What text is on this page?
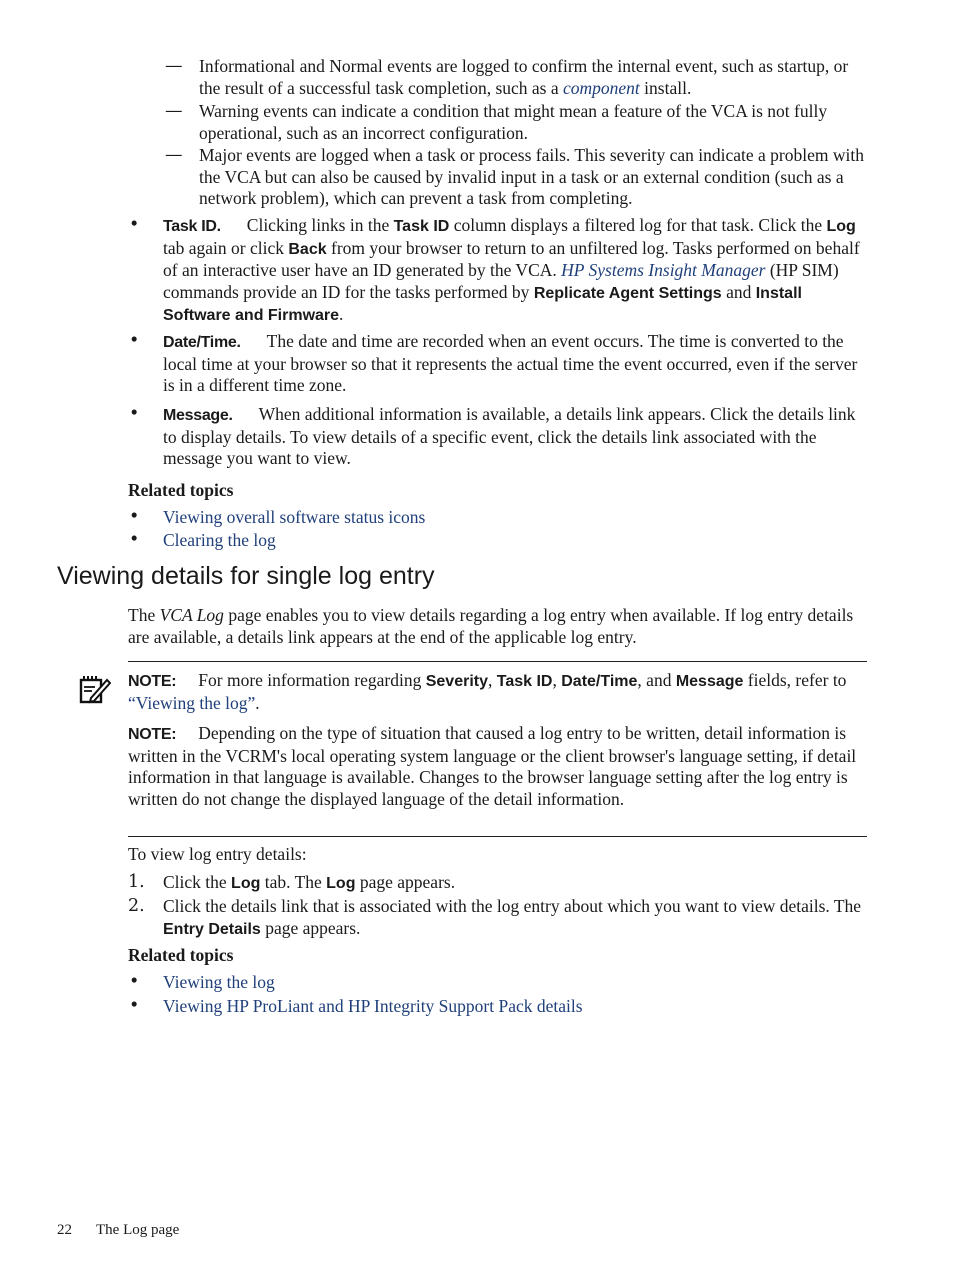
— Informational and Normal events are logged to confirm the internal event, such as startup, or the result of a successful task completion, such as a component install.
— Warning events can indicate a condition that might mean a feature of the VCA is not fully operational, such as an incorrect configuration.
— Major events are logged when a task or process fails. This severity can indicate a problem with the VCA but can also be caused by invalid input in a task or an external condition (such as a network problem), which can prevent a task from completing.
• Task ID. Clicking links in the Task ID column displays a filtered log for that task. Click the Log tab again or click Back from your browser to return to an unfiltered log. Tasks performed on behalf of an interactive user have an ID generated by the VCA. HP Systems Insight Manager (HP SIM) commands provide an ID for the tasks performed by Replicate Agent Settings and Install Software and Firmware.
• Date/Time. The date and time are recorded when an event occurs. The time is converted to the local time at your browser so that it represents the actual time the event occurred, even if the server is in a different time zone.
• Message. When additional information is available, a details link appears. Click the details link to display details. To view details of a specific event, click the details link associated with the message you want to view.
Related topics
• Viewing overall software status icons
• Clearing the log
Viewing details for single log entry
The VCA Log page enables you to view details regarding a log entry when available. If log entry details are available, a details link appears at the end of the applicable log entry.
NOTE: For more information regarding Severity, Task ID, Date/Time, and Message fields, refer to “Viewing the log”.
NOTE: Depending on the type of situation that caused a log entry to be written, detail information is written in the VCRM's local operating system language or the client browser's language setting, if detail information in that language is available. Changes to the browser language setting after the log entry is written do not change the displayed language of the detail information.
To view log entry details:
1. Click the Log tab. The Log page appears.
2. Click the details link that is associated with the log entry about which you want to view details. The Entry Details page appears.
Related topics
• Viewing the log
• Viewing HP ProLiant and HP Integrity Support Pack details
22 The Log page
